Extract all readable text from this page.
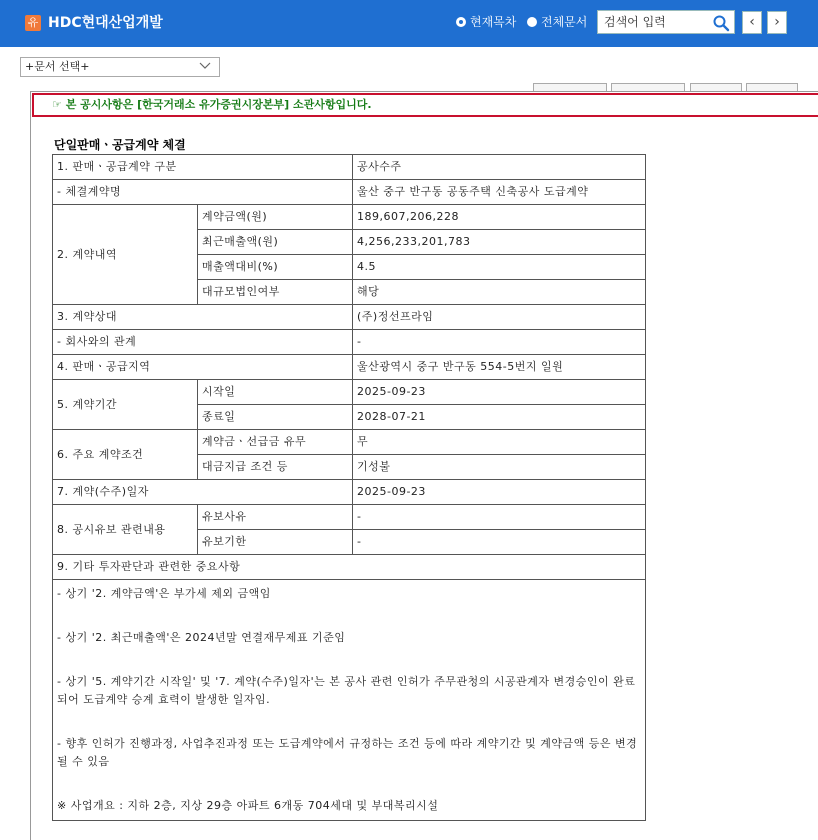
유 HDC현대산업개발	현재목차 전체문서
검색어 입력	‹	›
+문서 선택+
☞ 본 공시사항은 [한국거래소 유가증권시장본부] 소관사항입니다.
단일판매ㆍ공급계약 체결
1. 판매ㆍ공급계약 구분		공사수주
- 체결계약명		울산 중구 반구동 공동주택 신축공사 도급계약
2. 계약내역	계약금액(원)	189,607,206,228
	최근매출액(원)	4,256,233,201,783
	매출액대비(%)	4.5
	대규모법인여부	해당
3. 계약상대		(주)정선프라임
- 회사와의 관계		-
4. 판매ㆍ공급지역		울산광역시 중구 반구동 554-5번지 일원
5. 계약기간	시작일	2025-09-23
	종료일	2028-07-21
6. 주요 계약조건	계약금ㆍ선급금 유무	무
	대금지급 조건 등	기성불
7. 계약(수주)일자		2025-09-23
8. 공시유보 관련내용	유보사유	-
	유보기한	-
9. 기타 투자판단과 관련한 중요사항		

- 상기 '2. 계약금액'은 부가세 제외 금액임

- 상기 '2. 최근매출액'은 2024년말 연결재무제표 기준임

- 상기 '5. 계약기간 시작일' 및 '7. 계약(수주)일자'는 본 공사 관련 인허가 주무관청의 시공관계자 변경승인이 완료되어 도급계약 승계 효력이 발생한 일자임.

- 향후 인허가 진행과정, 사업추진과정 또는 도급계약에서 규정하는 조건 등에 따라 계약기간 및 계약금액 등은 변경될 수 있음

※ 사업개요 : 지하 2층, 지상 29층 아파트 6개동 704세대 및 부대복리시설		
